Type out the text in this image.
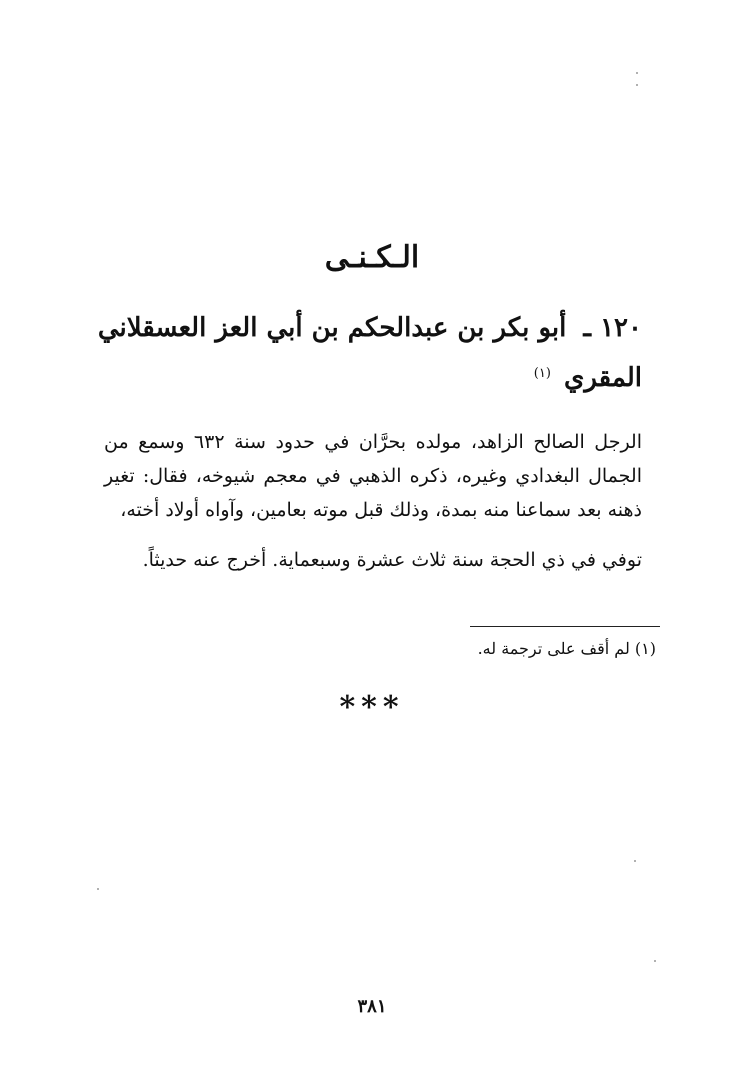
الـكـنـى
١٢٠ ـ أبو بكر بن عبدالحكم بن أبي العز العسقلاني المقري $^{(١)}$

الرجل الصالح الزاهد، مولده بحرَّان في حدود سنة ٦٣٢ وسمع من الجمال البغدادي وغيره، ذكره الذهبي في معجم شيوخه، فقال: تغير ذهنه بعد سماعنا منه بمدة، وذلك قبل موته بعامين، وآواه أولاد أخته،

توفي في ذي الحجة سنة ثلاث عشرة وسبعماية. أخرج عنه حديثاً.

(١) لم أقف على ترجمة له.
***
٣٨١
